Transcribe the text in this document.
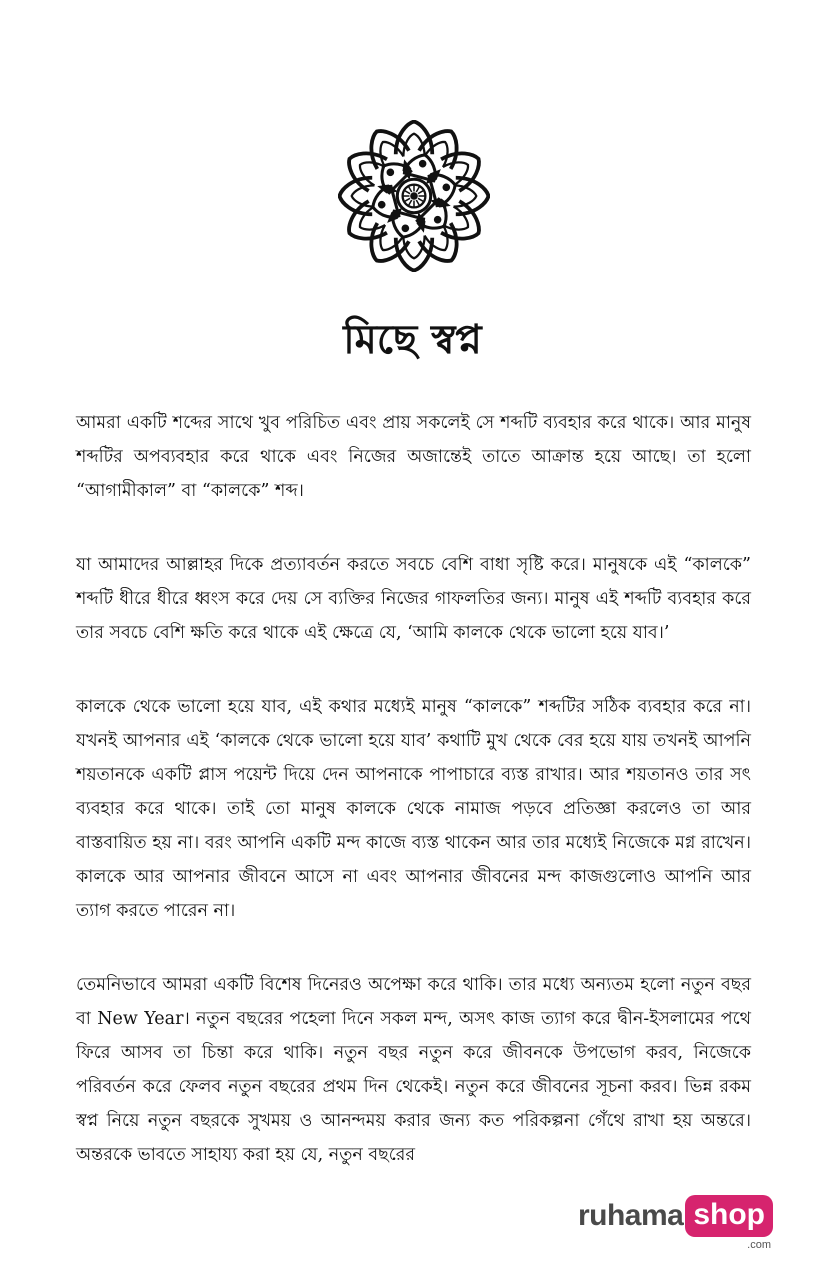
মিছে স্বপ্ন

আমরা একটি শব্দের সাথে খুব পরিচিত এবং প্রায় সকলেই সে শব্দটি ব্যবহার করে থাকে। আর মানুষ শব্দটির অপব্যবহার করে থাকে এবং নিজের অজান্তেই তাতে আক্রান্ত হয়ে আছে। তা হলো “আগামীকাল” বা “কালকে” শব্দ।

যা আমাদের আল্লাহর দিকে প্রত্যাবর্তন করতে সবচে বেশি বাধা সৃষ্টি করে। মানুষকে এই “কালকে” শব্দটি ধীরে ধীরে ধ্বংস করে দেয় সে ব্যক্তির নিজের গাফলতির জন্য। মানুষ এই শব্দটি ব্যবহার করে তার সবচে বেশি ক্ষতি করে থাকে এই ক্ষেত্রে যে, ‘আমি কালকে থেকে ভালো হয়ে যাব।’

কালকে থেকে ভালো হয়ে যাব, এই কথার মধ্যেই মানুষ “কালকে” শব্দটির সঠিক ব্যবহার করে না। যখনই আপনার এই ‘কালকে থেকে ভালো হয়ে যাব’ কথাটি মুখ থেকে বের হয়ে যায় তখনই আপনি শয়তানকে একটি প্লাস পয়েন্ট দিয়ে দেন আপনাকে পাপাচারে ব্যস্ত রাখার। আর শয়তানও তার সৎ ব্যবহার করে থাকে। তাই তো মানুষ কালকে থেকে নামাজ পড়বে প্রতিজ্ঞা করলেও তা আর বাস্তবায়িত হয় না। বরং আপনি একটি মন্দ কাজে ব্যস্ত থাকেন আর তার মধ্যেই নিজেকে মগ্ন রাখেন। কালকে আর আপনার জীবনে আসে না এবং আপনার জীবনের মন্দ কাজগুলোও আপনি আর ত্যাগ করতে পারেন না।

তেমনিভাবে আমরা একটি বিশেষ দিনেরও অপেক্ষা করে থাকি। তার মধ্যে অন্যতম হলো নতুন বছর বা New Year। নতুন বছরের পহেলা দিনে সকল মন্দ, অসৎ কাজ ত্যাগ করে দ্বীন-ইসলামের পথে ফিরে আসব তা চিন্তা করে থাকি। নতুন বছর নতুন করে জীবনকে উপভোগ করব, নিজেকে পরিবর্তন করে ফেলব নতুন বছরের প্রথম দিন থেকেই। নতুন করে জীবনের সূচনা করব। ভিন্ন রকম স্বপ্ন নিয়ে নতুন বছরকে সুখময় ও আনন্দময় করার জন্য কত পরিকল্পনা গেঁথে রাখা হয় অন্তরে। অন্তরকে ভাবতে সাহায্য করা হয় যে, নতুন বছরের

ruhama shop
.com
